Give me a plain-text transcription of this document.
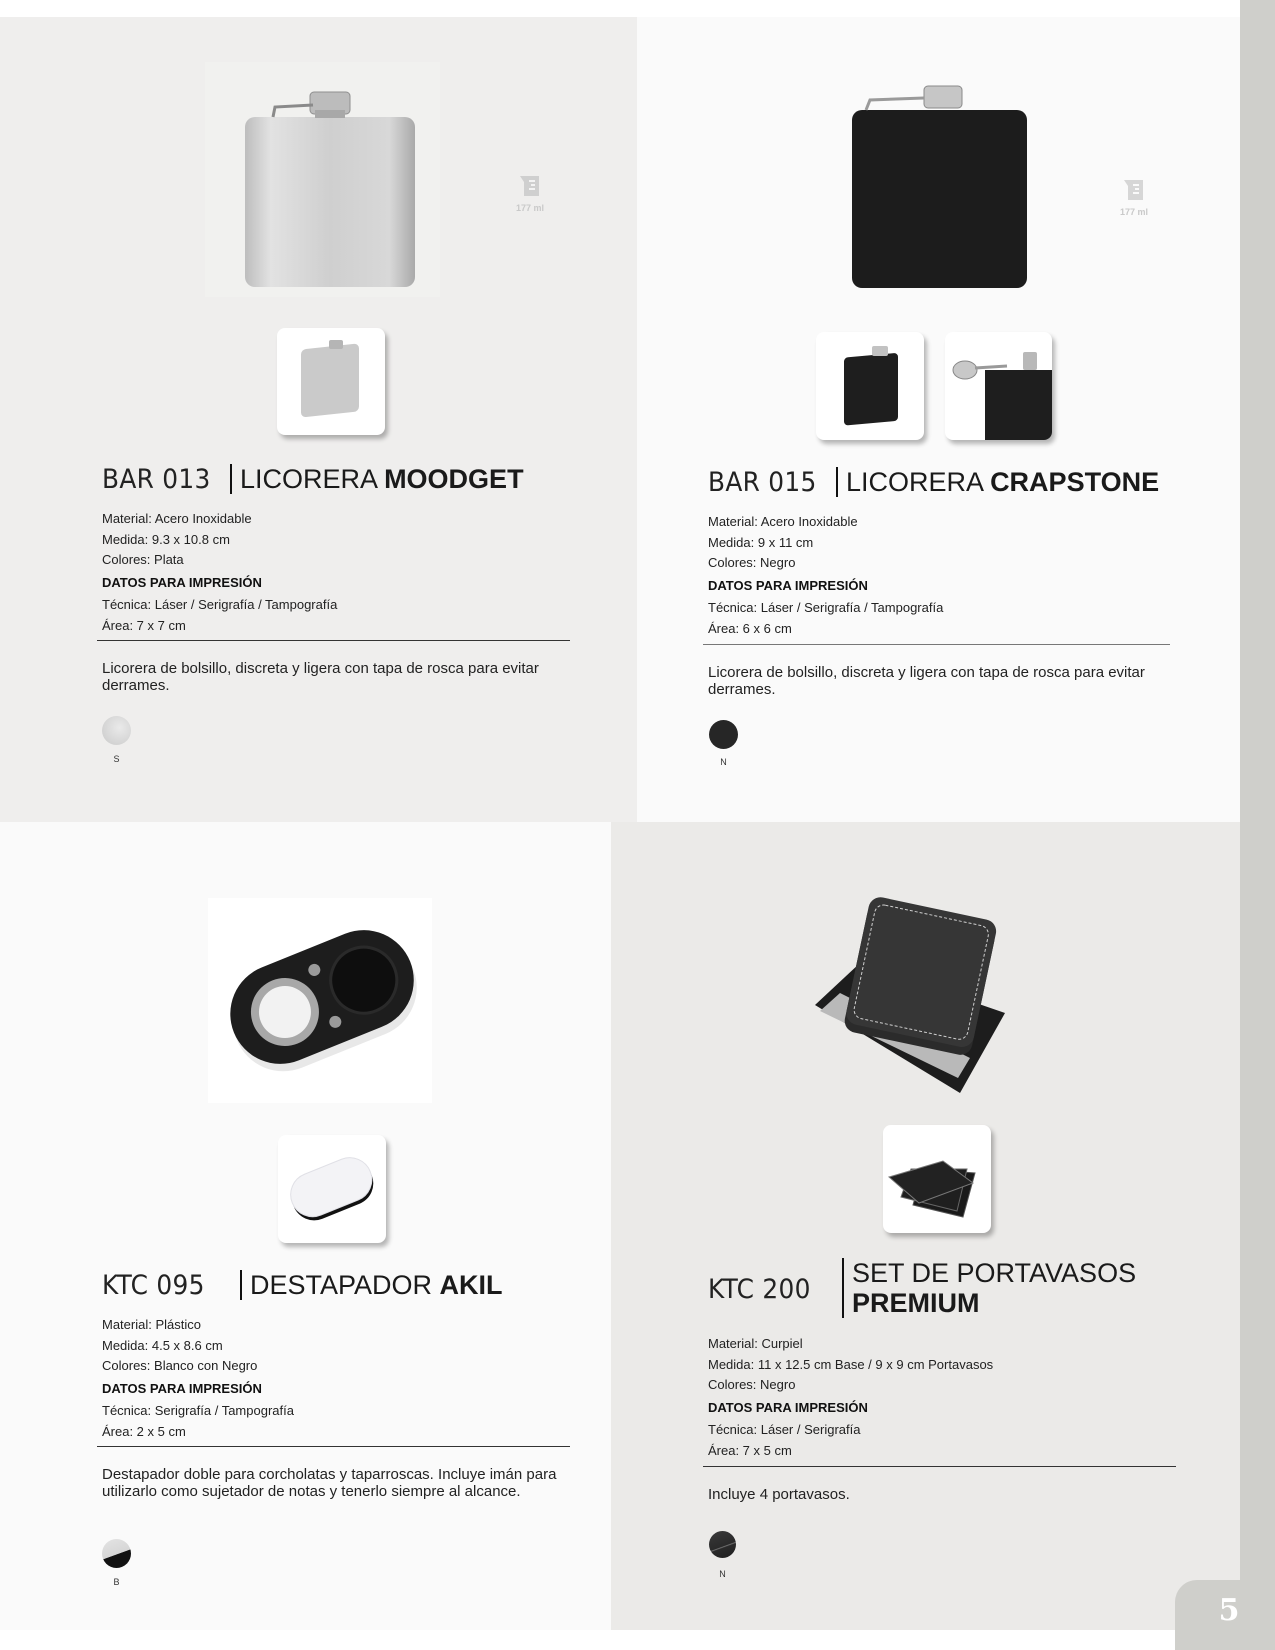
177 ml
BAR 013	LICORERA MOODGET
Material: Acero Inoxidable
Medida: 9.3 x 10.8 cm
Colores: Plata
DATOS PARA IMPRESIÓN
Técnica: Láser / Serigrafía / Tampografía
Área: 7 x 7 cm
Licorera de bolsillo, discreta y ligera con tapa de rosca para evitar derrames.
S
177 ml
BAR 015	LICORERA CRAPSTONE
Material: Acero Inoxidable
Medida: 9 x 11 cm
Colores: Negro
DATOS PARA IMPRESIÓN
Técnica: Láser / Serigrafía / Tampografía
Área: 6 x 6 cm
Licorera de bolsillo, discreta y ligera con tapa de rosca para evitar derrames.
N
KTC 095	DESTAPADOR AKIL
Material: Plástico
Medida: 4.5 x 8.6 cm
Colores: Blanco con Negro
DATOS PARA IMPRESIÓN
Técnica: Serigrafía / Tampografía
Área: 2 x 5 cm
Destapador doble para corcholatas y taparroscas. Incluye imán para utilizarlo como sujetador de notas y tenerlo siempre al alcance.
B
KTC 200
SET DE PORTAVASOS
PREMIUM
Material: Curpiel
Medida: 11 x 12.5 cm Base / 9 x 9 cm Portavasos
Colores: Negro
DATOS PARA IMPRESIÓN
Técnica: Láser / Serigrafía
Área: 7 x 5 cm
Incluye 4 portavasos.
N
5
